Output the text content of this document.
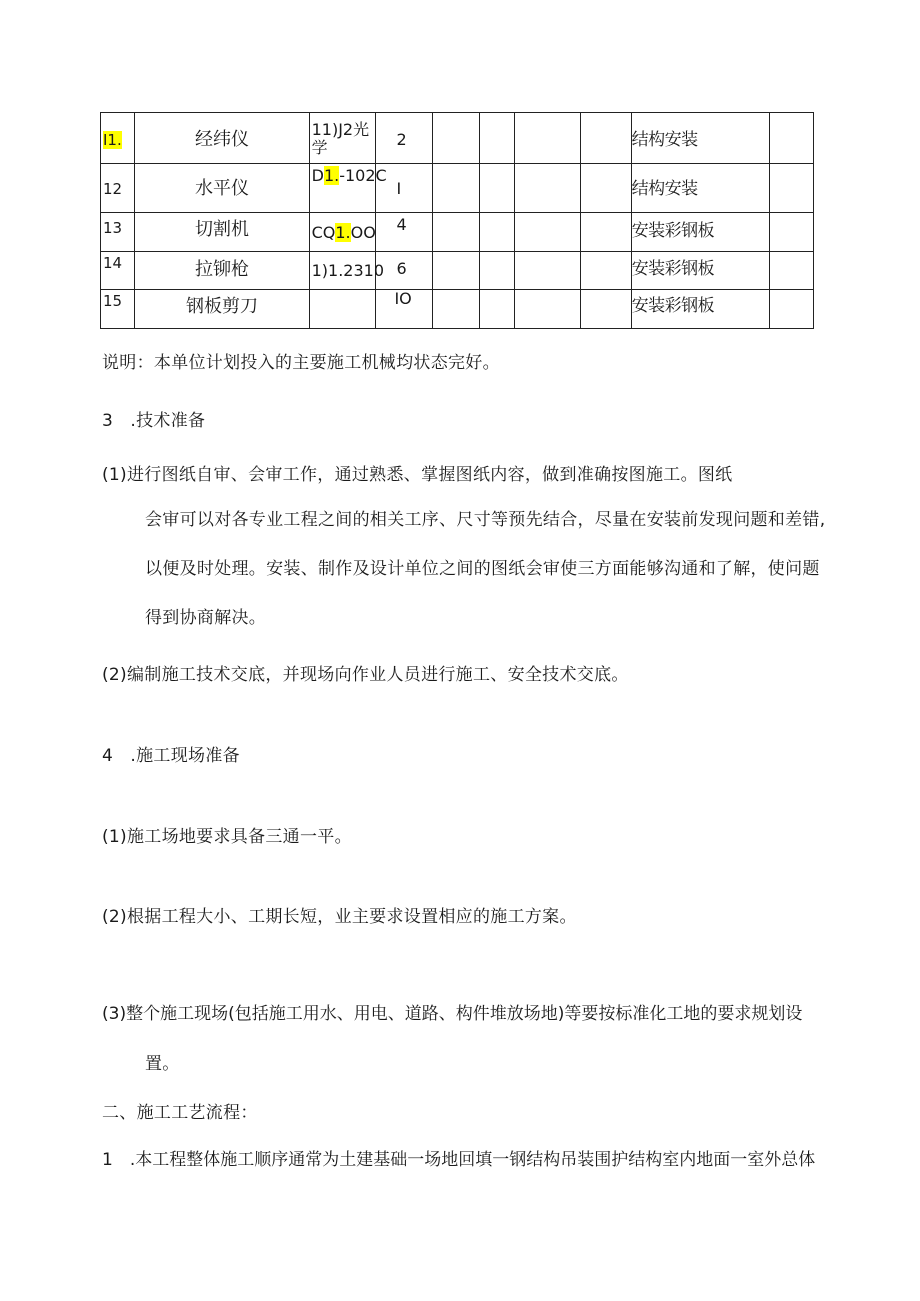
I1.	经纬仪	11)J2光学	2					结构安装	

12	水平仪	D1.-102C	I					结构安装	

13	切割机	CQ1.OO	4					安装彩钢板	

14	拉铆枪	1)1.2310	6					安装彩钢板	

15	钢板剪刀		IO					安装彩钢板	

说明：本单位计划投入的主要施工机械均状态完好。
3　.技术准备
(1)进行图纸自审、会审工作，通过熟悉、掌握图纸内容，做到准确按图施工。图纸
会审可以对各专业工程之间的相关工序、尺寸等预先结合，尽量在安装前发现问题和差错,
以便及时处理。安装、制作及设计单位之间的图纸会审使三方面能够沟通和了解，使问题
得到协商解决。
(2)编制施工技术交底，并现场向作业人员进行施工、安全技术交底。
4　.施工现场准备
(1)施工场地要求具备三通一平。
(2)根据工程大小、工期长短，业主要求设置相应的施工方案。
(3)整个施工现场(包括施工用水、用电、道路、构件堆放场地)等要按标准化工地的要求规划设
置。
二、施工工艺流程：
1　.本工程整体施工顺序通常为土建基础一场地回填一钢结构吊装围护结构室内地面一室外总体
